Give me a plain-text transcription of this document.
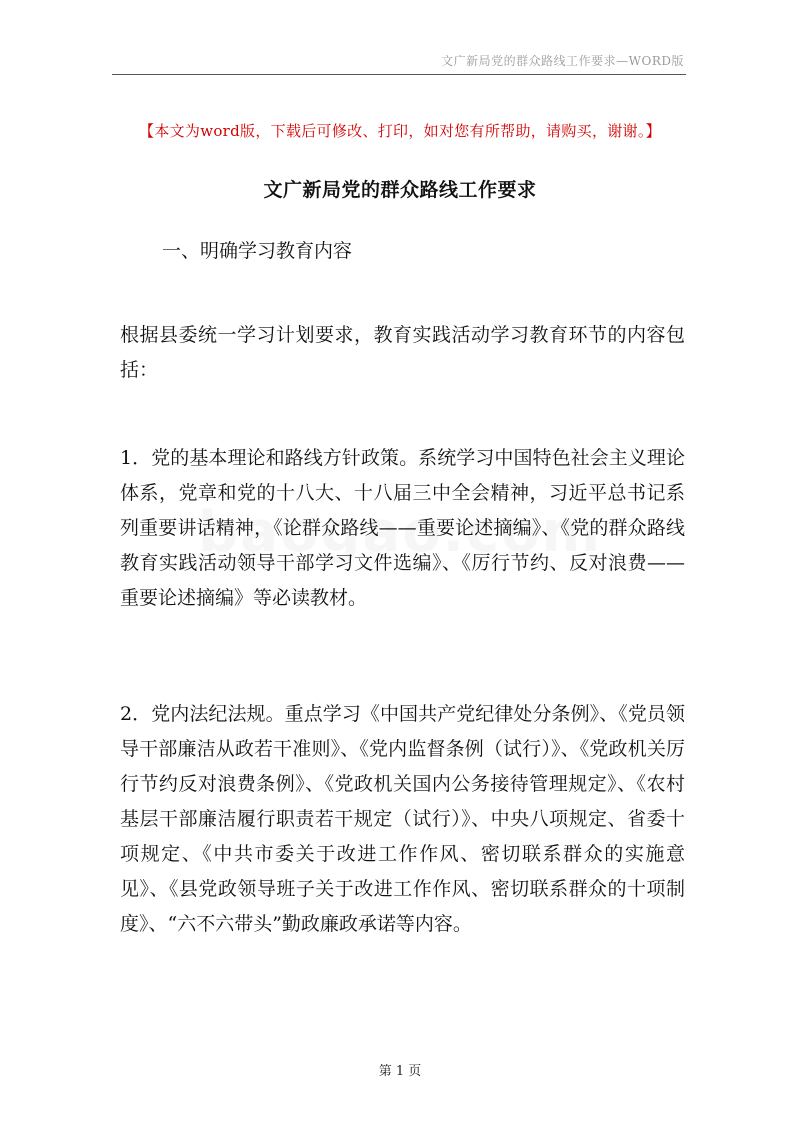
文广新局党的群众路线工作要求—WORD版
【本文为word版，下载后可修改、打印，如对您有所帮助，请购买，谢谢。】
文广新局党的群众路线工作要求
一、明确学习教育内容

根据县委统一学习计划要求，教育实践活动学习教育环节的内容包括：

1．党的基本理论和路线方针政策。系统学习中国特色社会主义理论体系，党章和党的十八大、十八届三中全会精神，习近平总书记系列重要讲话精神，《论群众路线——重要论述摘编》、《党的群众路线教育实践活动领导干部学习文件选编》、《厉行节约、反对浪费——重要论述摘编》等必读教材。

2．党内法纪法规。重点学习《中国共产党纪律处分条例》、《党员领导干部廉洁从政若干准则》、《党内监督条例（试行）》、《党政机关厉行节约反对浪费条例》、《党政机关国内公务接待管理规定》、《农村基层干部廉洁履行职责若干规定（试行）》、中央八项规定、省委十项规定、《中共市委关于改进工作作风、密切联系群众的实施意见》、《县党政领导班子关于改进工作作风、密切联系群众的十项制度》、“六不六带头”勤政廉政承诺等内容。

第 1 页
